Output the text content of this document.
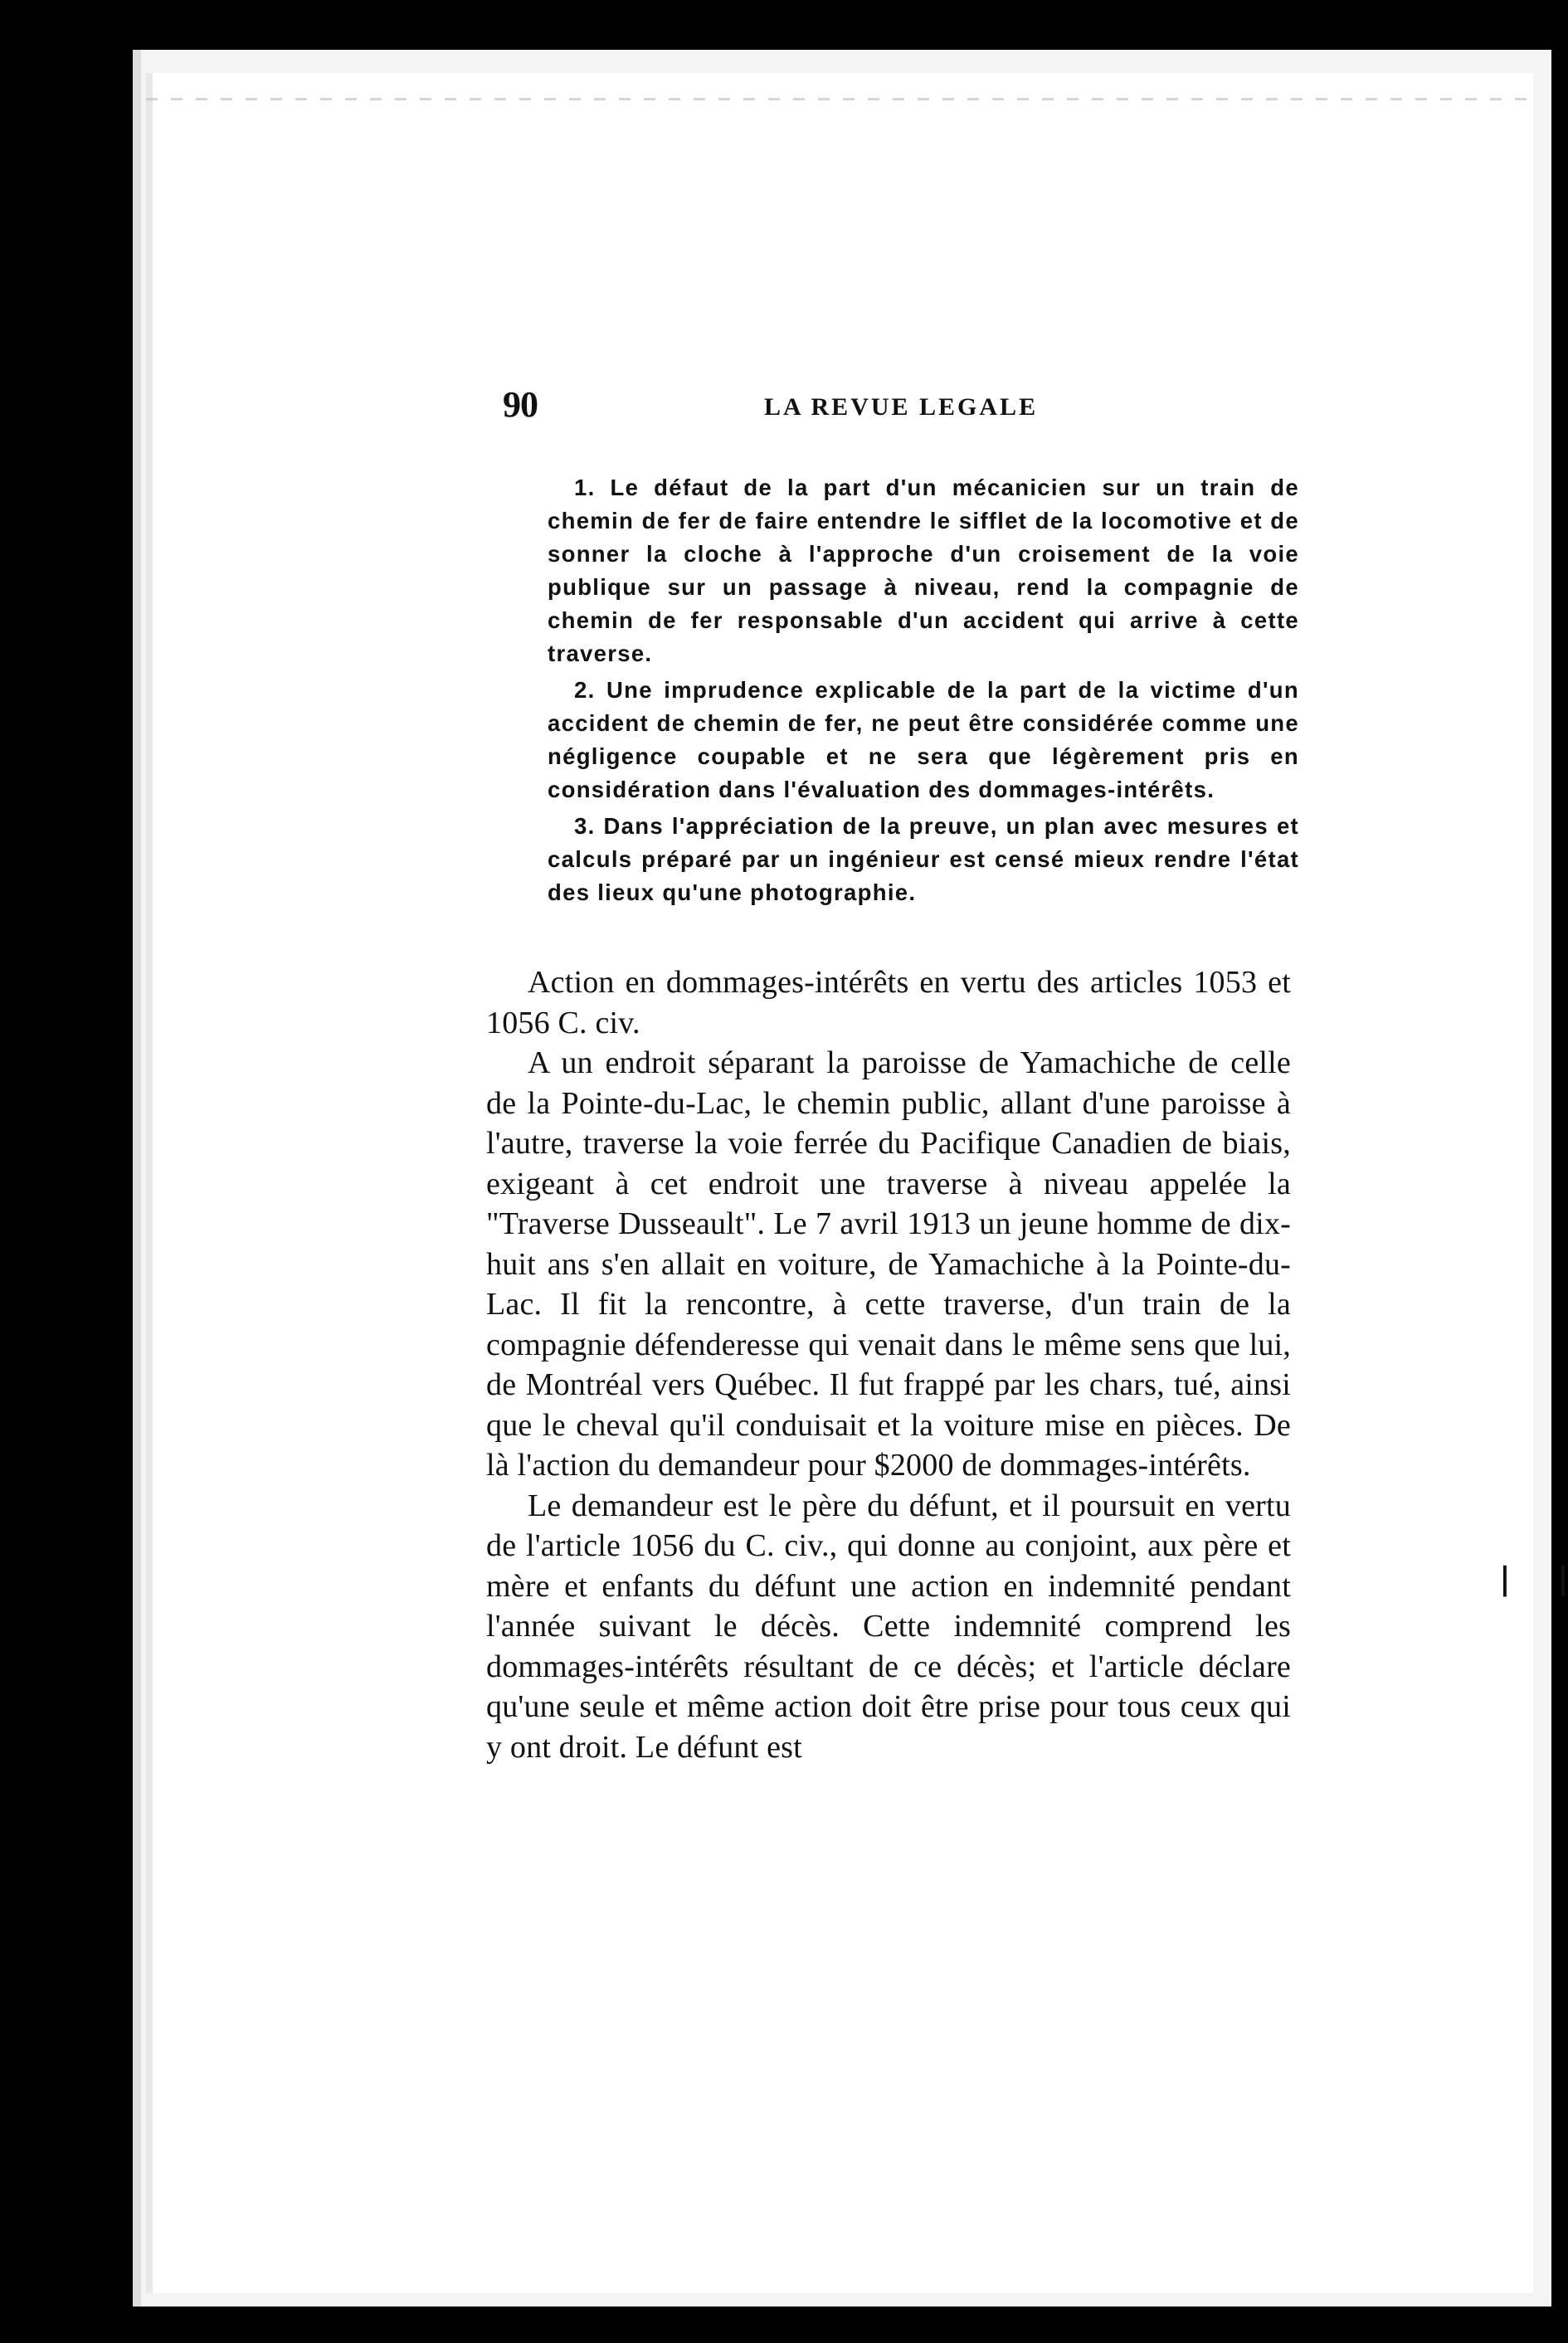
90	LA REVUE LEGALE

1. Le défaut de la part d'un mécanicien sur un train de chemin de fer de faire entendre le sifflet de la locomotive et de sonner la cloche à l'approche d'un croisement de la voie publique sur un passage à niveau, rend la compagnie de chemin de fer responsable d'un accident qui arrive à cette traverse.

2. Une imprudence explicable de la part de la victime d'un accident de chemin de fer, ne peut être considérée comme une négligence coupable et ne sera que légèrement pris en considération dans l'évaluation des dommages-intérêts.

3. Dans l'appréciation de la preuve, un plan avec mesures et calculs préparé par un ingénieur est censé mieux rendre l'état des lieux qu'une photographie.

Action en dommages-intérêts en vertu des articles 1053 et 1056 C. civ.

A un endroit séparant la paroisse de Yamachiche de celle de la Pointe-du-Lac, le chemin public, allant d'une paroisse à l'autre, traverse la voie ferrée du Pacifique Canadien de biais, exigeant à cet endroit une traverse à niveau appelée la "Traverse Dusseault". Le 7 avril 1913 un jeune homme de dix-huit ans s'en allait en voiture, de Yamachiche à la Pointe-du-Lac. Il fit la rencontre, à cette traverse, d'un train de la compagnie défenderesse qui venait dans le même sens que lui, de Montréal vers Québec. Il fut frappé par les chars, tué, ainsi que le cheval qu'il conduisait et la voiture mise en pièces. De là l'action du demandeur pour $2000 de dommages-intérêts.

Le demandeur est le père du défunt, et il poursuit en vertu de l'article 1056 du C. civ., qui donne au conjoint, aux père et mère et enfants du défunt une action en indemnité pendant l'année suivant le décès. Cette indemnité comprend les dommages-intérêts résultant de ce décès; et l'article déclare qu'une seule et même action doit être prise pour tous ceux qui y ont droit. Le défunt est

ǀ ǀ
